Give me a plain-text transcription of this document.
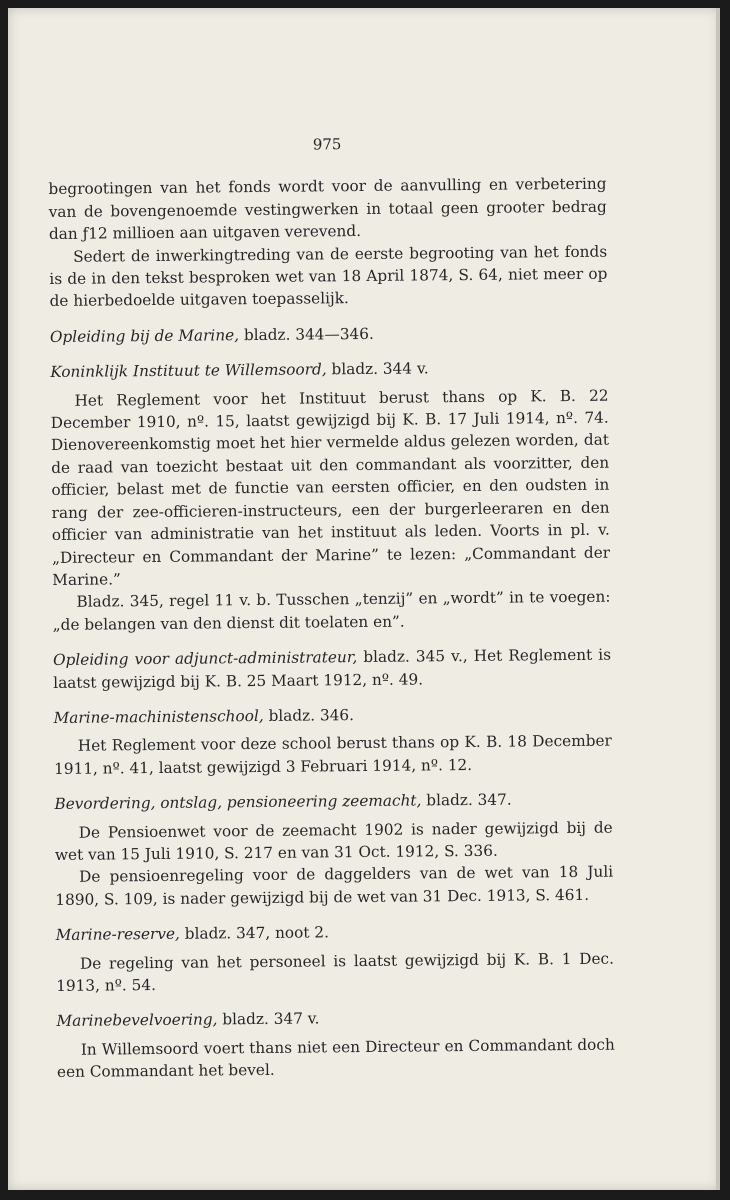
975

begrootingen van het fonds wordt voor de aanvulling en verbetering van de bovengenoemde vestingwerken in totaal geen grooter bedrag dan ƒ12 millioen aan uitgaven verevend.

Sedert de inwerkingtreding van de eerste begrooting van het fonds is de in den tekst besproken wet van 18 April 1874, S. 64, niet meer op de hierbedoelde uitgaven toepasselijk.

Opleiding bij de Marine, bladz. 344—346.

Koninklijk Instituut te Willemsoord, bladz. 344 v.

Het Reglement voor het Instituut berust thans op K. B. 22 December 1910, nº. 15, laatst gewijzigd bij K. B. 17 Juli 1914, nº. 74. Dienovereenkomstig moet het hier vermelde aldus gelezen worden, dat de raad van toezicht bestaat uit den commandant als voorzitter, den officier, belast met de functie van eersten officier, en den oudsten in rang der zee-officieren-instructeurs, een der burgerleeraren en den officier van administratie van het instituut als leden. Voorts in pl. v. „Directeur en Commandant der Marine” te lezen: „Commandant der Marine.”

Bladz. 345, regel 11 v. b. Tusschen „tenzij” en „wordt” in te voegen: „de belangen van den dienst dit toelaten en”.

Opleiding voor adjunct-administrateur, bladz. 345 v., Het Reglement is laatst gewijzigd bij K. B. 25 Maart 1912, nº. 49.

Marine-machinistenschool, bladz. 346.

Het Reglement voor deze school berust thans op K. B. 18 December 1911, nº. 41, laatst gewijzigd 3 Februari 1914, nº. 12.

Bevordering, ontslag, pensioneering zeemacht, bladz. 347.

De Pensioenwet voor de zeemacht 1902 is nader gewijzigd bij de wet van 15 Juli 1910, S. 217 en van 31 Oct. 1912, S. 336.

De pensioenregeling voor de daggelders van de wet van 18 Juli 1890, S. 109, is nader gewijzigd bij de wet van 31 Dec. 1913, S. 461.

Marine-reserve, bladz. 347, noot 2.

De regeling van het personeel is laatst gewijzigd bij K. B. 1 Dec. 1913, nº. 54.

Marinebevelvoering, bladz. 347 v.

In Willemsoord voert thans niet een Directeur en Commandant doch een Commandant het bevel.
